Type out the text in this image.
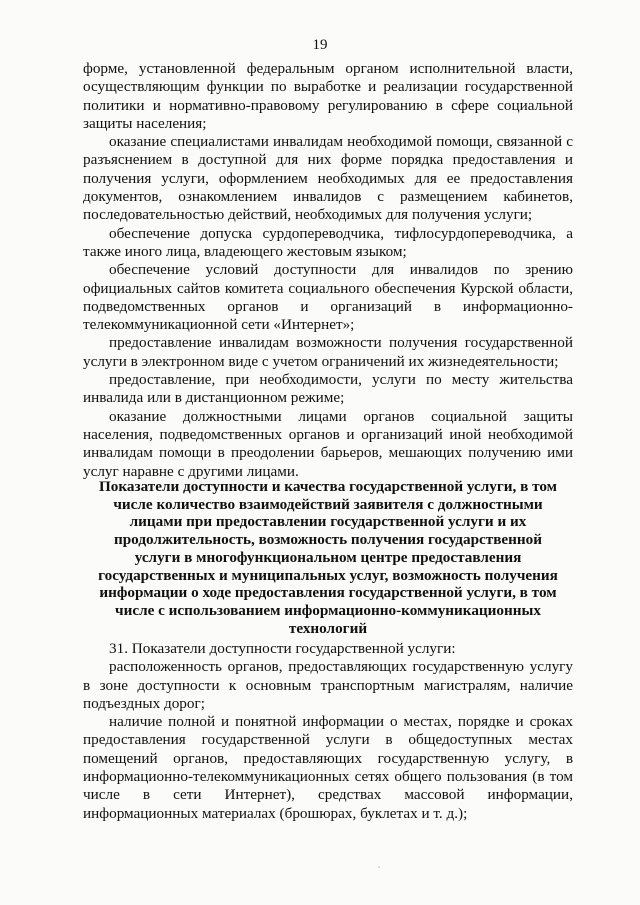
19

форме, установленной федеральным органом исполнительной власти, осуществляющим функции по выработке и реализации государственной политики и нормативно-правовому регулированию в сфере социальной защиты населения;

оказание специалистами инвалидам необходимой помощи, связанной с разъяснением в доступной для них форме порядка предоставления и получения услуги, оформлением необходимых для ее предоставления документов, ознакомлением инвалидов с размещением кабинетов, последовательностью действий, необходимых для получения услуги;

обеспечение допуска сурдопереводчика, тифлосурдопереводчика, а также иного лица, владеющего жестовым языком;

обеспечение условий доступности для инвалидов по зрению официальных сайтов комитета социального обеспечения Курской области, подведомственных органов и организаций в информационно-телекоммуникационной сети «Интернет»;

предоставление инвалидам возможности получения государственной услуги в электронном виде с учетом ограничений их жизнедеятельности;

предоставление, при необходимости, услуги по месту жительства инвалида или в дистанционном режиме;

оказание должностными лицами органов социальной защиты населения, подведомственных органов и организаций иной необходимой инвалидам помощи в преодолении барьеров, мешающих получению ими услуг наравне с другими лицами.

Показатели доступности и качества государственной услуги, в том числе количество взаимодействий заявителя с должностными лицами при предоставлении государственной услуги и их продолжительность, возможность получения государственной услуги в многофункциональном центре предоставления государственных и муниципальных услуг, возможность получения информации о ходе предоставления государственной услуги, в том числе с использованием информационно-коммуникационных технологий

31. Показатели доступности государственной услуги:

расположенность органов, предоставляющих государственную услугу в зоне доступности к основным транспортным магистралям, наличие подъездных дорог;

наличие полной и понятной информации о местах, порядке и сроках предоставления государственной услуги в общедоступных местах помещений органов, предоставляющих государственную услугу, в информационно-телекоммуникационных сетях общего пользования (в том числе в сети Интернет), средствах массовой информации, информационных материалах (брошюрах, буклетах и т. д.);
